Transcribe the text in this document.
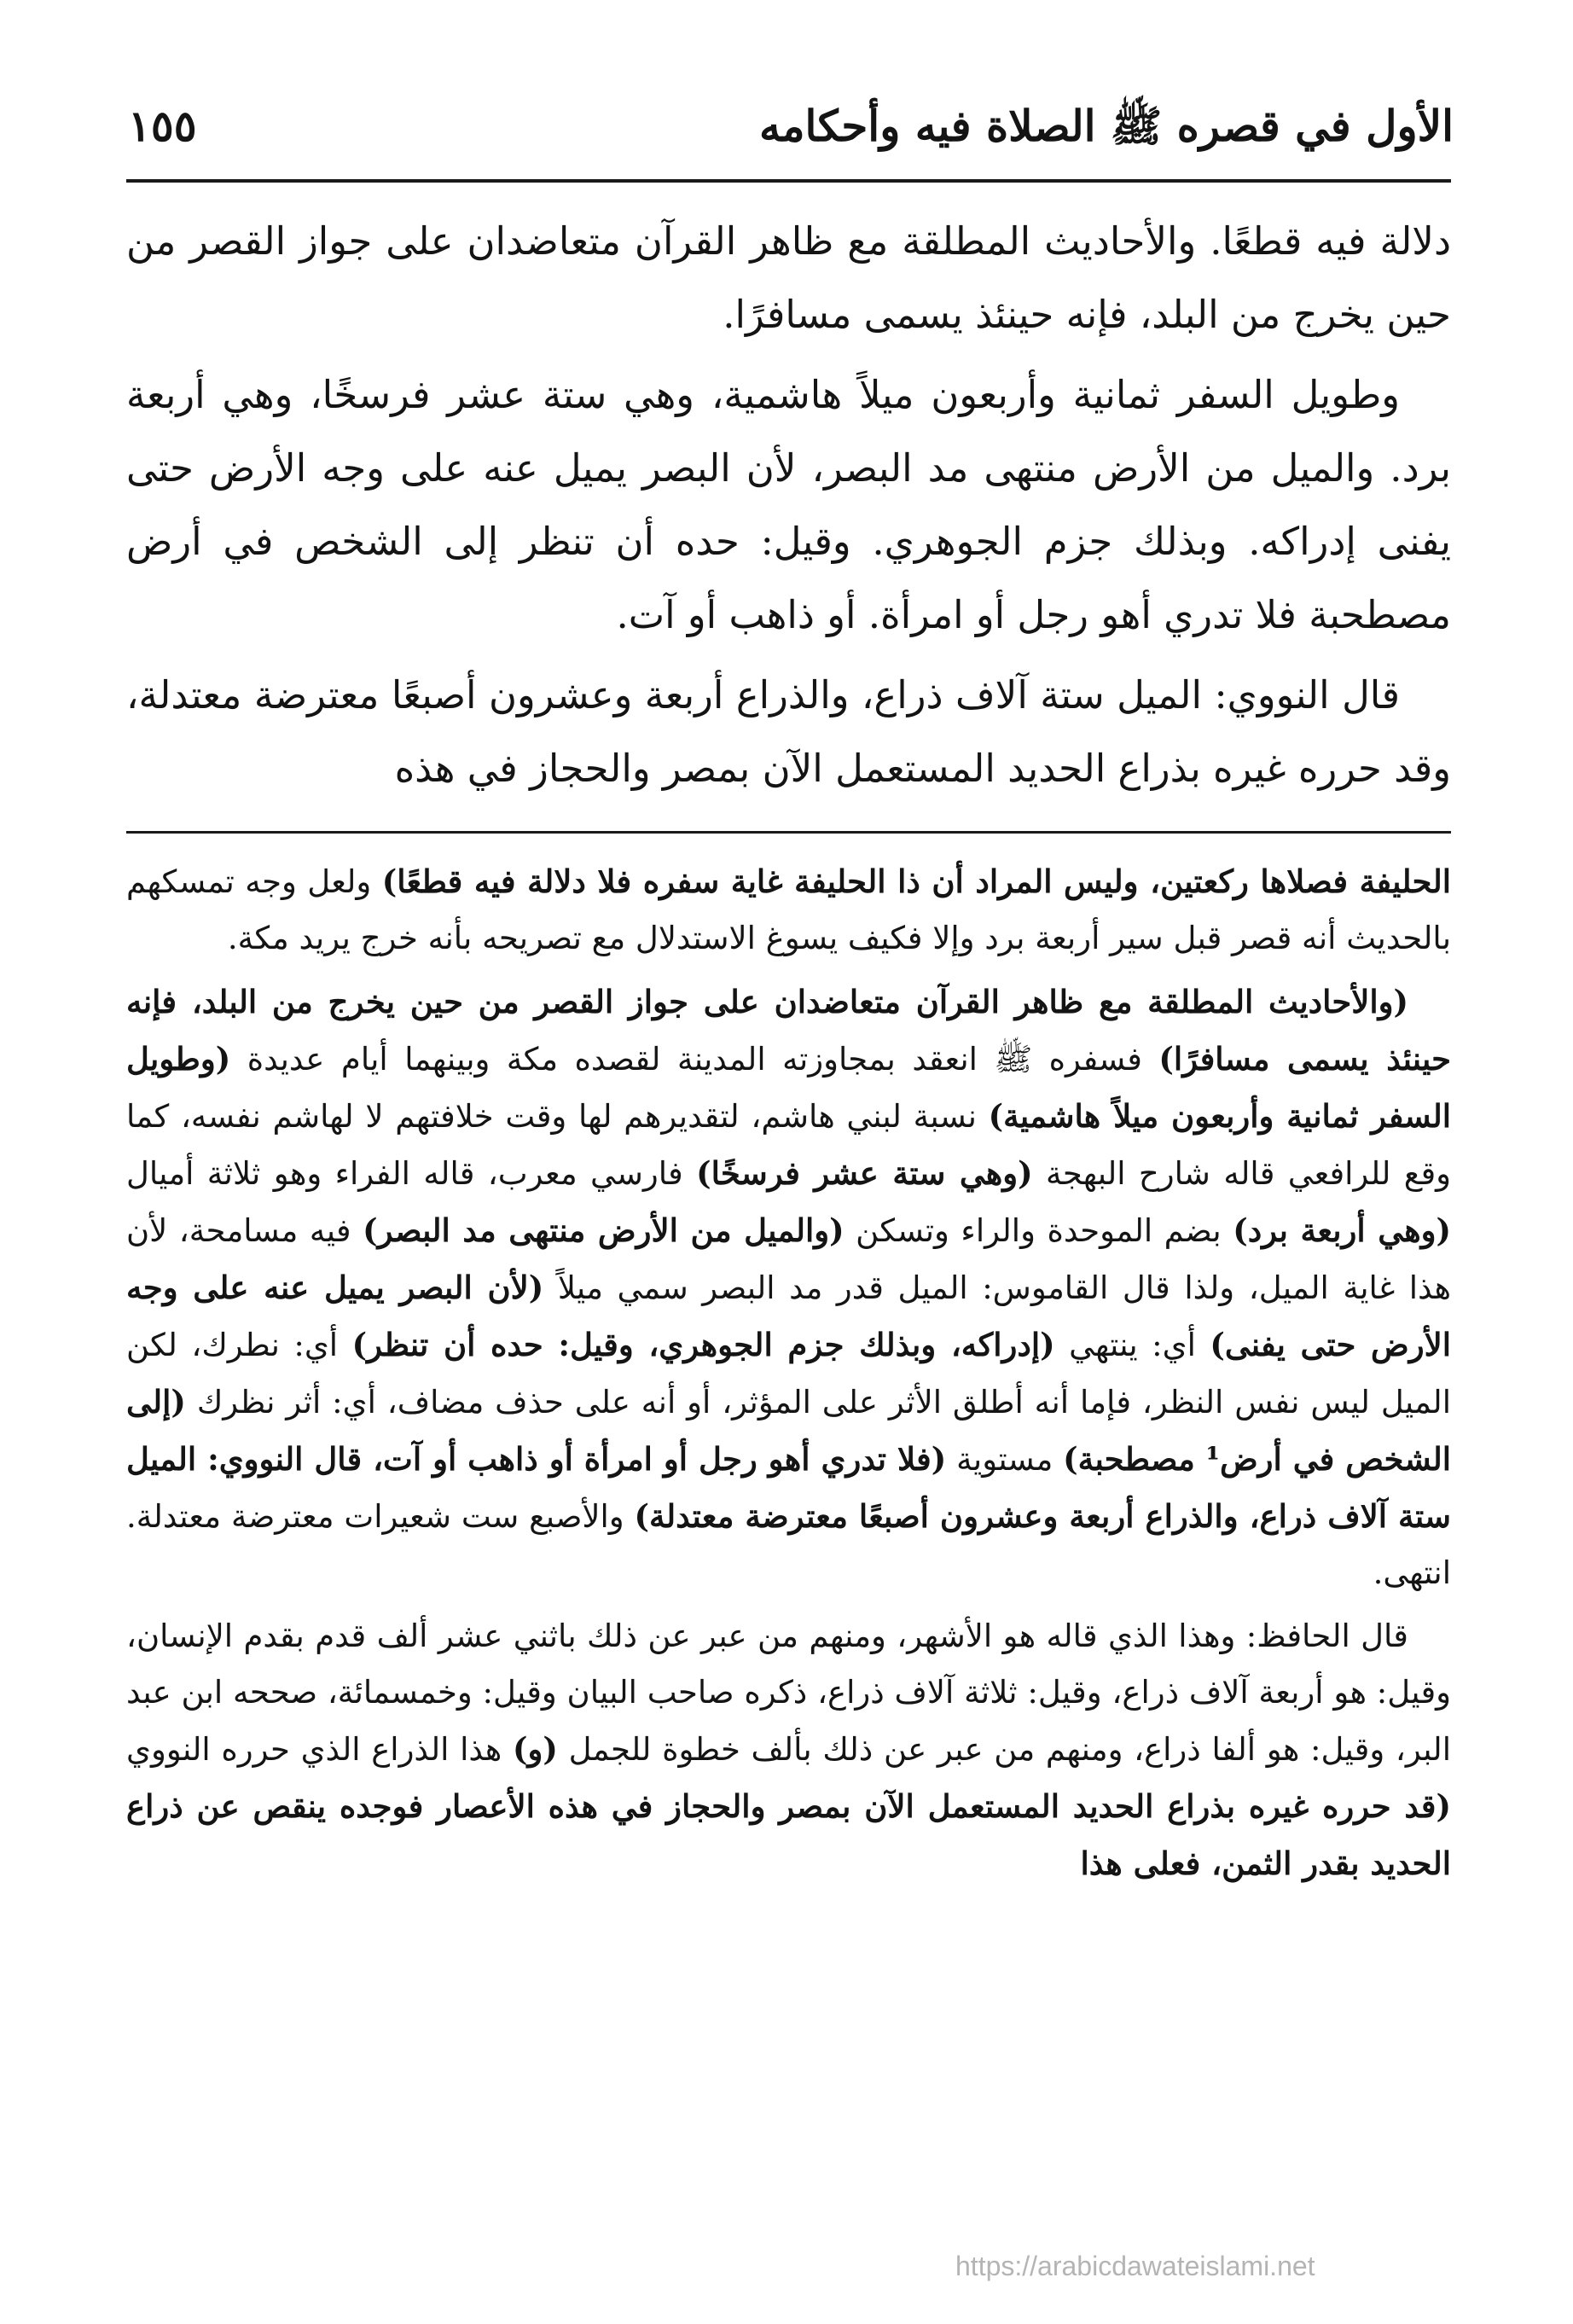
الأول في قصره ﷺ الصلاة فيه وأحكامه
١٥٥

دلالة فيه قطعًا. والأحاديث المطلقة مع ظاهر القرآن متعاضدان على جواز القصر من حين يخرج من البلد، فإنه حينئذ يسمى مسافرًا.

وطويل السفر ثمانية وأربعون ميلاً هاشمية، وهي ستة عشر فرسخًا، وهي أربعة برد. والميل من الأرض منتهى مد البصر، لأن البصر يميل عنه على وجه الأرض حتى يفنى إدراكه. وبذلك جزم الجوهري. وقيل: حده أن تنظر إلى الشخص في أرض مصطحبة فلا تدري أهو رجل أو امرأة. أو ذاهب أو آت.

قال النووي: الميل ستة آلاف ذراع، والذراع أربعة وعشرون أصبعًا معترضة معتدلة، وقد حرره غيره بذراع الحديد المستعمل الآن بمصر والحجاز في هذه

الحليفة فصلاها ركعتين، وليس المراد أن ذا الحليفة غاية سفره فلا دلالة فيه قطعًا) ولعل وجه تمسكهم بالحديث أنه قصر قبل سير أربعة برد وإلا فكيف يسوغ الاستدلال مع تصريحه بأنه خرج يريد مكة.

(والأحاديث المطلقة مع ظاهر القرآن متعاضدان على جواز القصر من حين يخرج من البلد، فإنه حينئذ يسمى مسافرًا) فسفره ﷺ انعقد بمجاوزته المدينة لقصده مكة وبينهما أيام عديدة (وطويل السفر ثمانية وأربعون ميلاً هاشمية) نسبة لبني هاشم، لتقديرهم لها وقت خلافتهم لا لهاشم نفسه، كما وقع للرافعي قاله شارح البهجة (وهي ستة عشر فرسخًا) فارسي معرب، قاله الفراء وهو ثلاثة أميال (وهي أربعة برد) بضم الموحدة والراء وتسكن (والميل من الأرض منتهى مد البصر) فيه مسامحة، لأن هذا غاية الميل، ولذا قال القاموس: الميل قدر مد البصر سمي ميلاً (لأن البصر يميل عنه على وجه الأرض حتى يفنى) أي: ينتهي (إدراكه، وبذلك جزم الجوهري، وقيل: حده أن تنظر) أي: نطرك، لكن الميل ليس نفس النظر، فإما أنه أطلق الأثر على المؤثر، أو أنه على حذف مضاف، أي: أثر نظرك (إلى الشخص في أرض¹ مصطحبة) مستوية (فلا تدري أهو رجل أو امرأة أو ذاهب أو آت، قال النووي: الميل ستة آلاف ذراع، والذراع أربعة وعشرون أصبعًا معترضة معتدلة) والأصبع ست شعيرات معترضة معتدلة. انتهى.

قال الحافظ: وهذا الذي قاله هو الأشهر، ومنهم من عبر عن ذلك باثني عشر ألف قدم بقدم الإنسان، وقيل: هو أربعة آلاف ذراع، وقيل: ثلاثة آلاف ذراع، ذكره صاحب البيان وقيل: وخمسمائة، صححه ابن عبد البر، وقيل: هو ألفا ذراع، ومنهم من عبر عن ذلك بألف خطوة للجمل (و) هذا الذراع الذي حرره النووي (قد حرره غيره بذراع الحديد المستعمل الآن بمصر والحجاز في هذه الأعصار فوجده ينقص عن ذراع الحديد بقدر الثمن، فعلى هذا

https://arabicdawateislami.net
